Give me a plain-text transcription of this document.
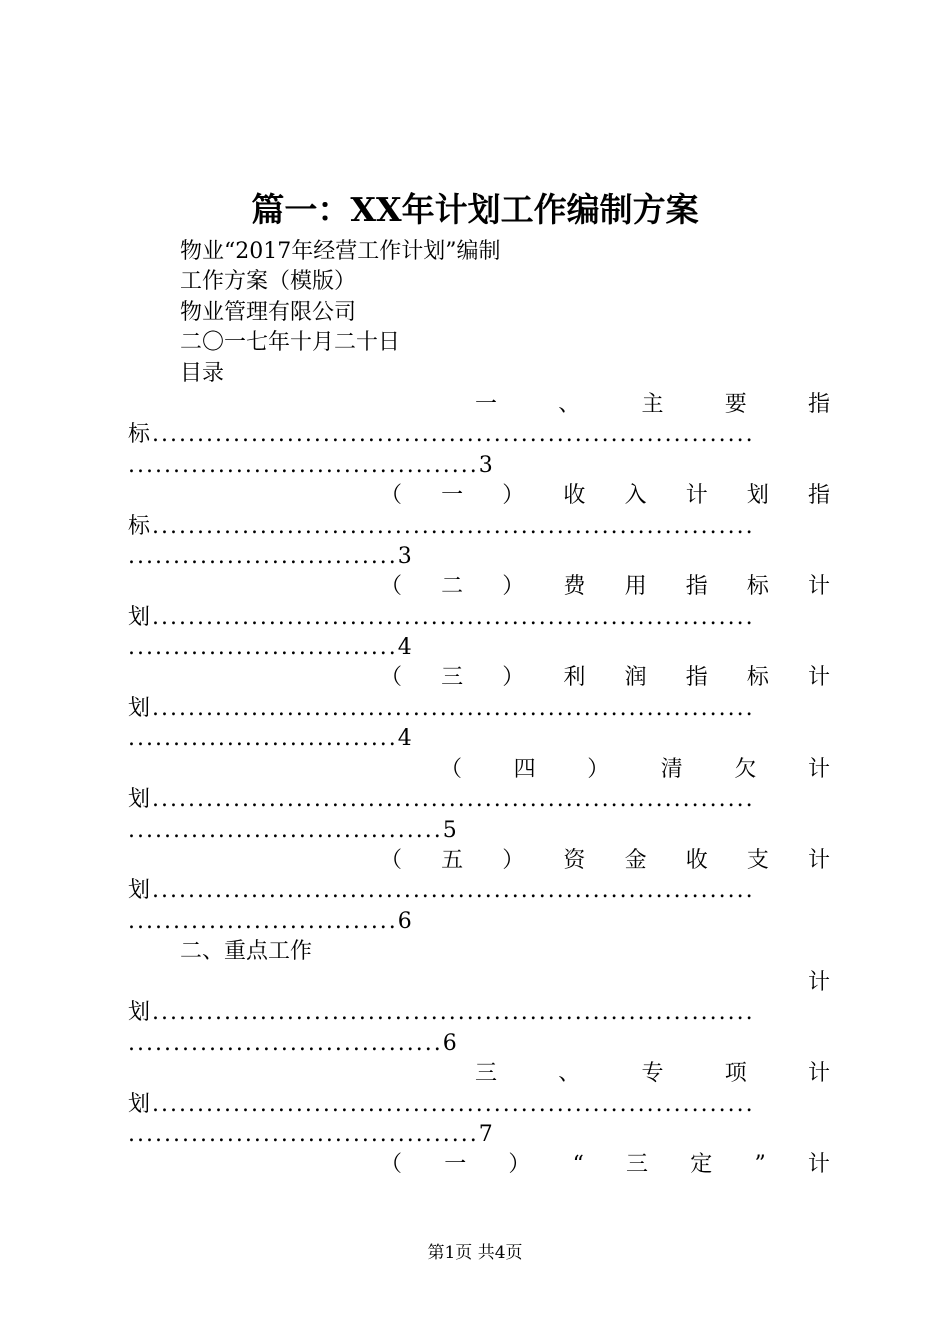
篇一：XX年计划工作编制方案
物业“2017年经营工作计划”编制
工作方案（模版）
物业管理有限公司
二〇一七年十月二十日
目录
一	、	主	要	指
标...................................................................
.......................................3
（ 一 ） 收 入 计 划 指
标...................................................................
..............................3
（ 二 ） 费 用 指 标 计
划...................................................................
..............................4
（ 三 ） 利 润 指 标 计
划...................................................................
..............................4
（ 四 ） 清 欠 计
划...................................................................
...................................5
（ 五 ） 资 金 收 支 计
划...................................................................
..............................6
二、重点工作
计
划...................................................................
...................................6
三	、	专	项	计
划...................................................................
.......................................7
（ 一 ） “ 三 定 ” 计
第1页 共4页
